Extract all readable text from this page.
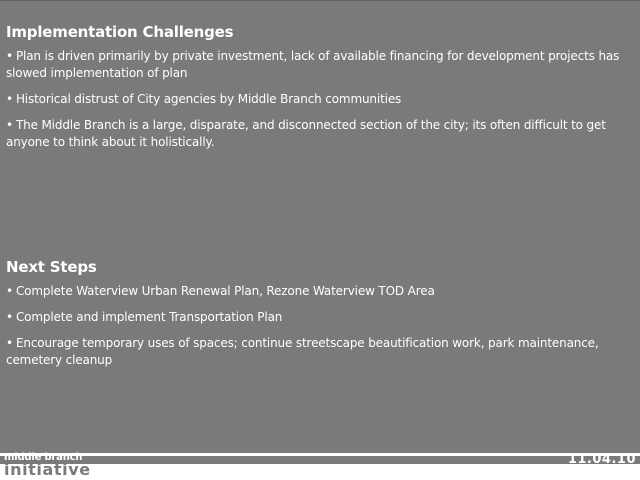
Implementation Challenges
• Plan is driven primarily by private investment, lack of available financing for development projects has slowed implementation of plan
• Historical distrust of City agencies by Middle Branch communities
• The Middle Branch is a large, disparate, and disconnected section of the city; its often difficult to get anyone to think about it holistically.
Next Steps
• Complete Waterview Urban Renewal Plan, Rezone Waterview TOD Area
• Complete and implement Transportation Plan
• Encourage temporary uses of spaces; continue streetscape beautification work, park maintenance, cemetery cleanup
middle branch
initiative
11.04.10
